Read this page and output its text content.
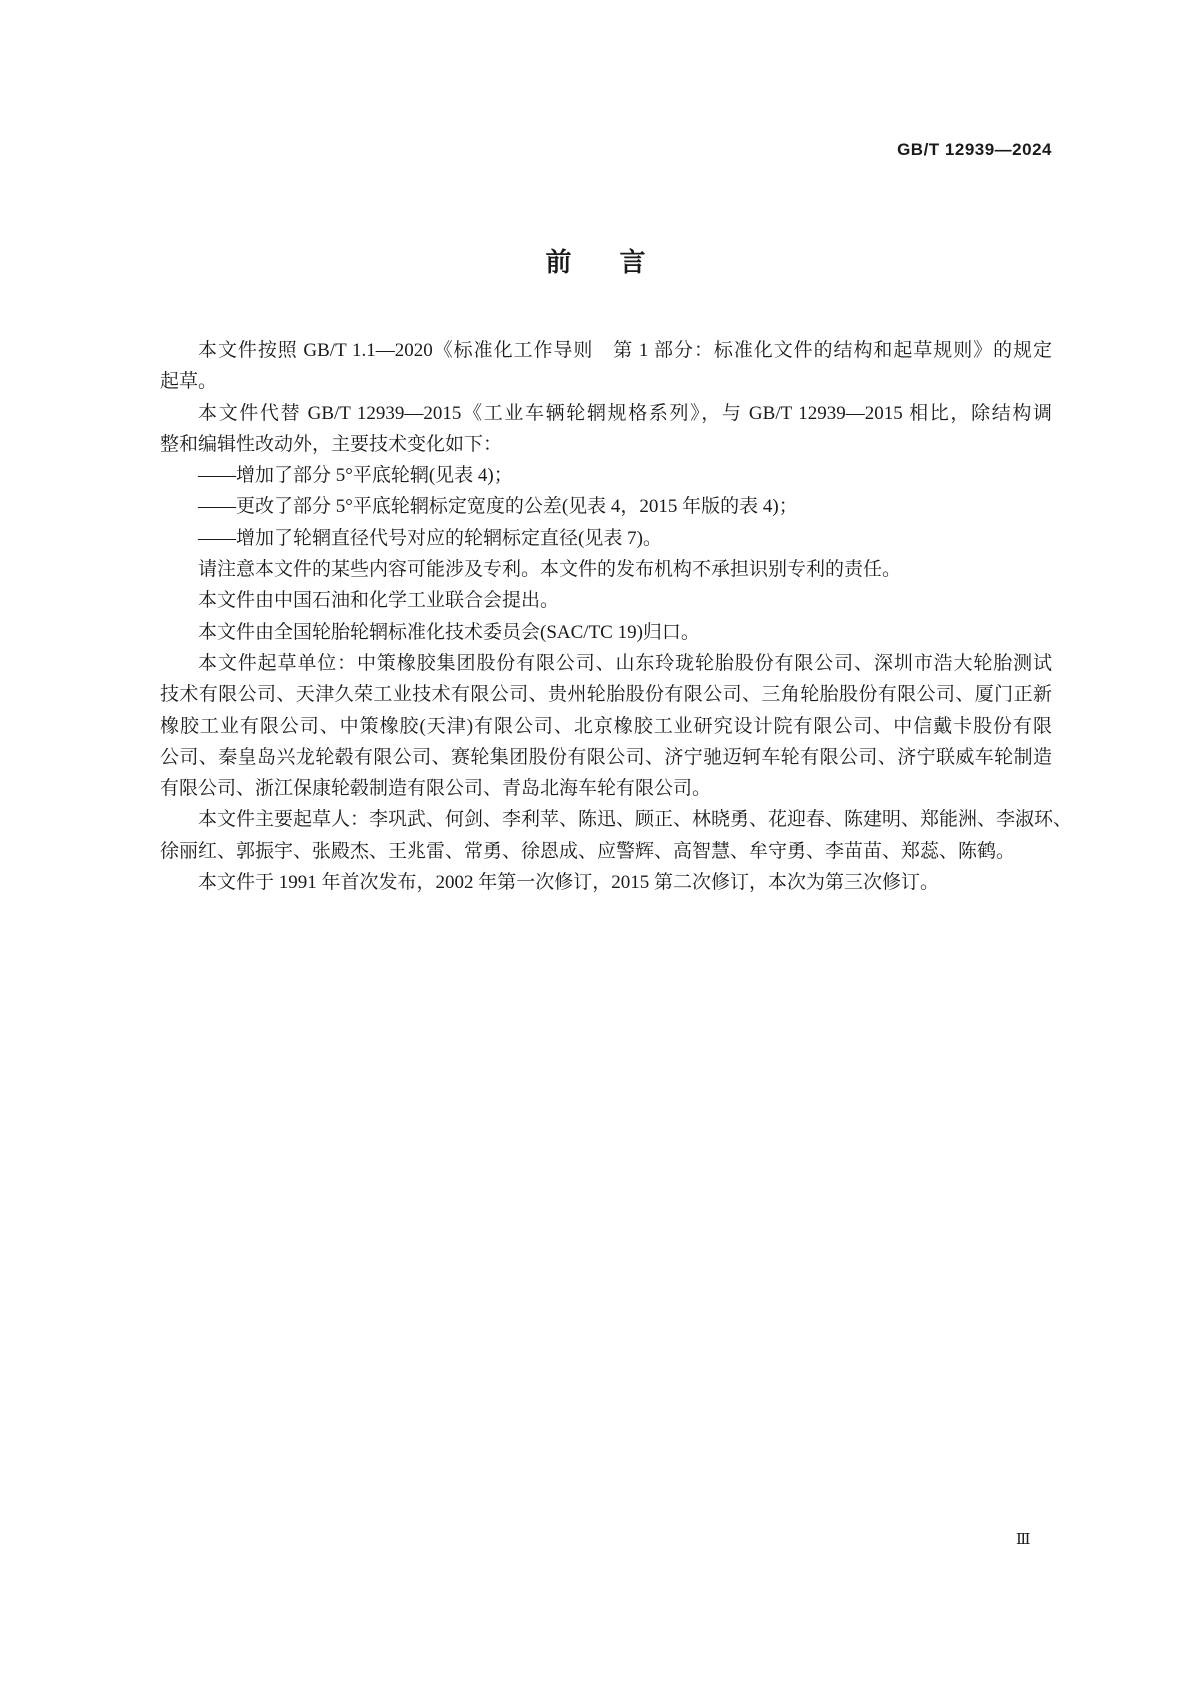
GB/T 12939—2024
前言
本文件按照 GB/T 1.1—2020《标准化工作导则　第 1 部分：标准化文件的结构和起草规则》的规定
起草。
本文件代替 GB/T 12939—2015《工业车辆轮辋规格系列》，与 GB/T 12939—2015 相比，除结构调
整和编辑性改动外，主要技术变化如下：
——增加了部分 5°平底轮辋(见表 4)；
——更改了部分 5°平底轮辋标定宽度的公差(见表 4，2015 年版的表 4)；
——增加了轮辋直径代号对应的轮辋标定直径(见表 7)。
请注意本文件的某些内容可能涉及专利。本文件的发布机构不承担识别专利的责任。
本文件由中国石油和化学工业联合会提出。
本文件由全国轮胎轮辋标准化技术委员会(SAC/TC 19)归口。
本文件起草单位：中策橡胶集团股份有限公司、山东玲珑轮胎股份有限公司、深圳市浩大轮胎测试
技术有限公司、天津久荣工业技术有限公司、贵州轮胎股份有限公司、三角轮胎股份有限公司、厦门正新
橡胶工业有限公司、中策橡胶(天津)有限公司、北京橡胶工业研究设计院有限公司、中信戴卡股份有限
公司、秦皇岛兴龙轮毂有限公司、赛轮集团股份有限公司、济宁驰迈轲车轮有限公司、济宁联威车轮制造
有限公司、浙江保康轮毂制造有限公司、青岛北海车轮有限公司。
本文件主要起草人：李巩武、何剑、李利苹、陈迅、顾正、林晓勇、花迎春、陈建明、郑能洲、李淑环、
徐丽红、郭振宇、张殿杰、王兆雷、常勇、徐恩成、应警辉、高智慧、牟守勇、李苗苗、郑蕊、陈鹤。
本文件于 1991 年首次发布，2002 年第一次修订，2015 第二次修订，本次为第三次修订。
Ⅲ
